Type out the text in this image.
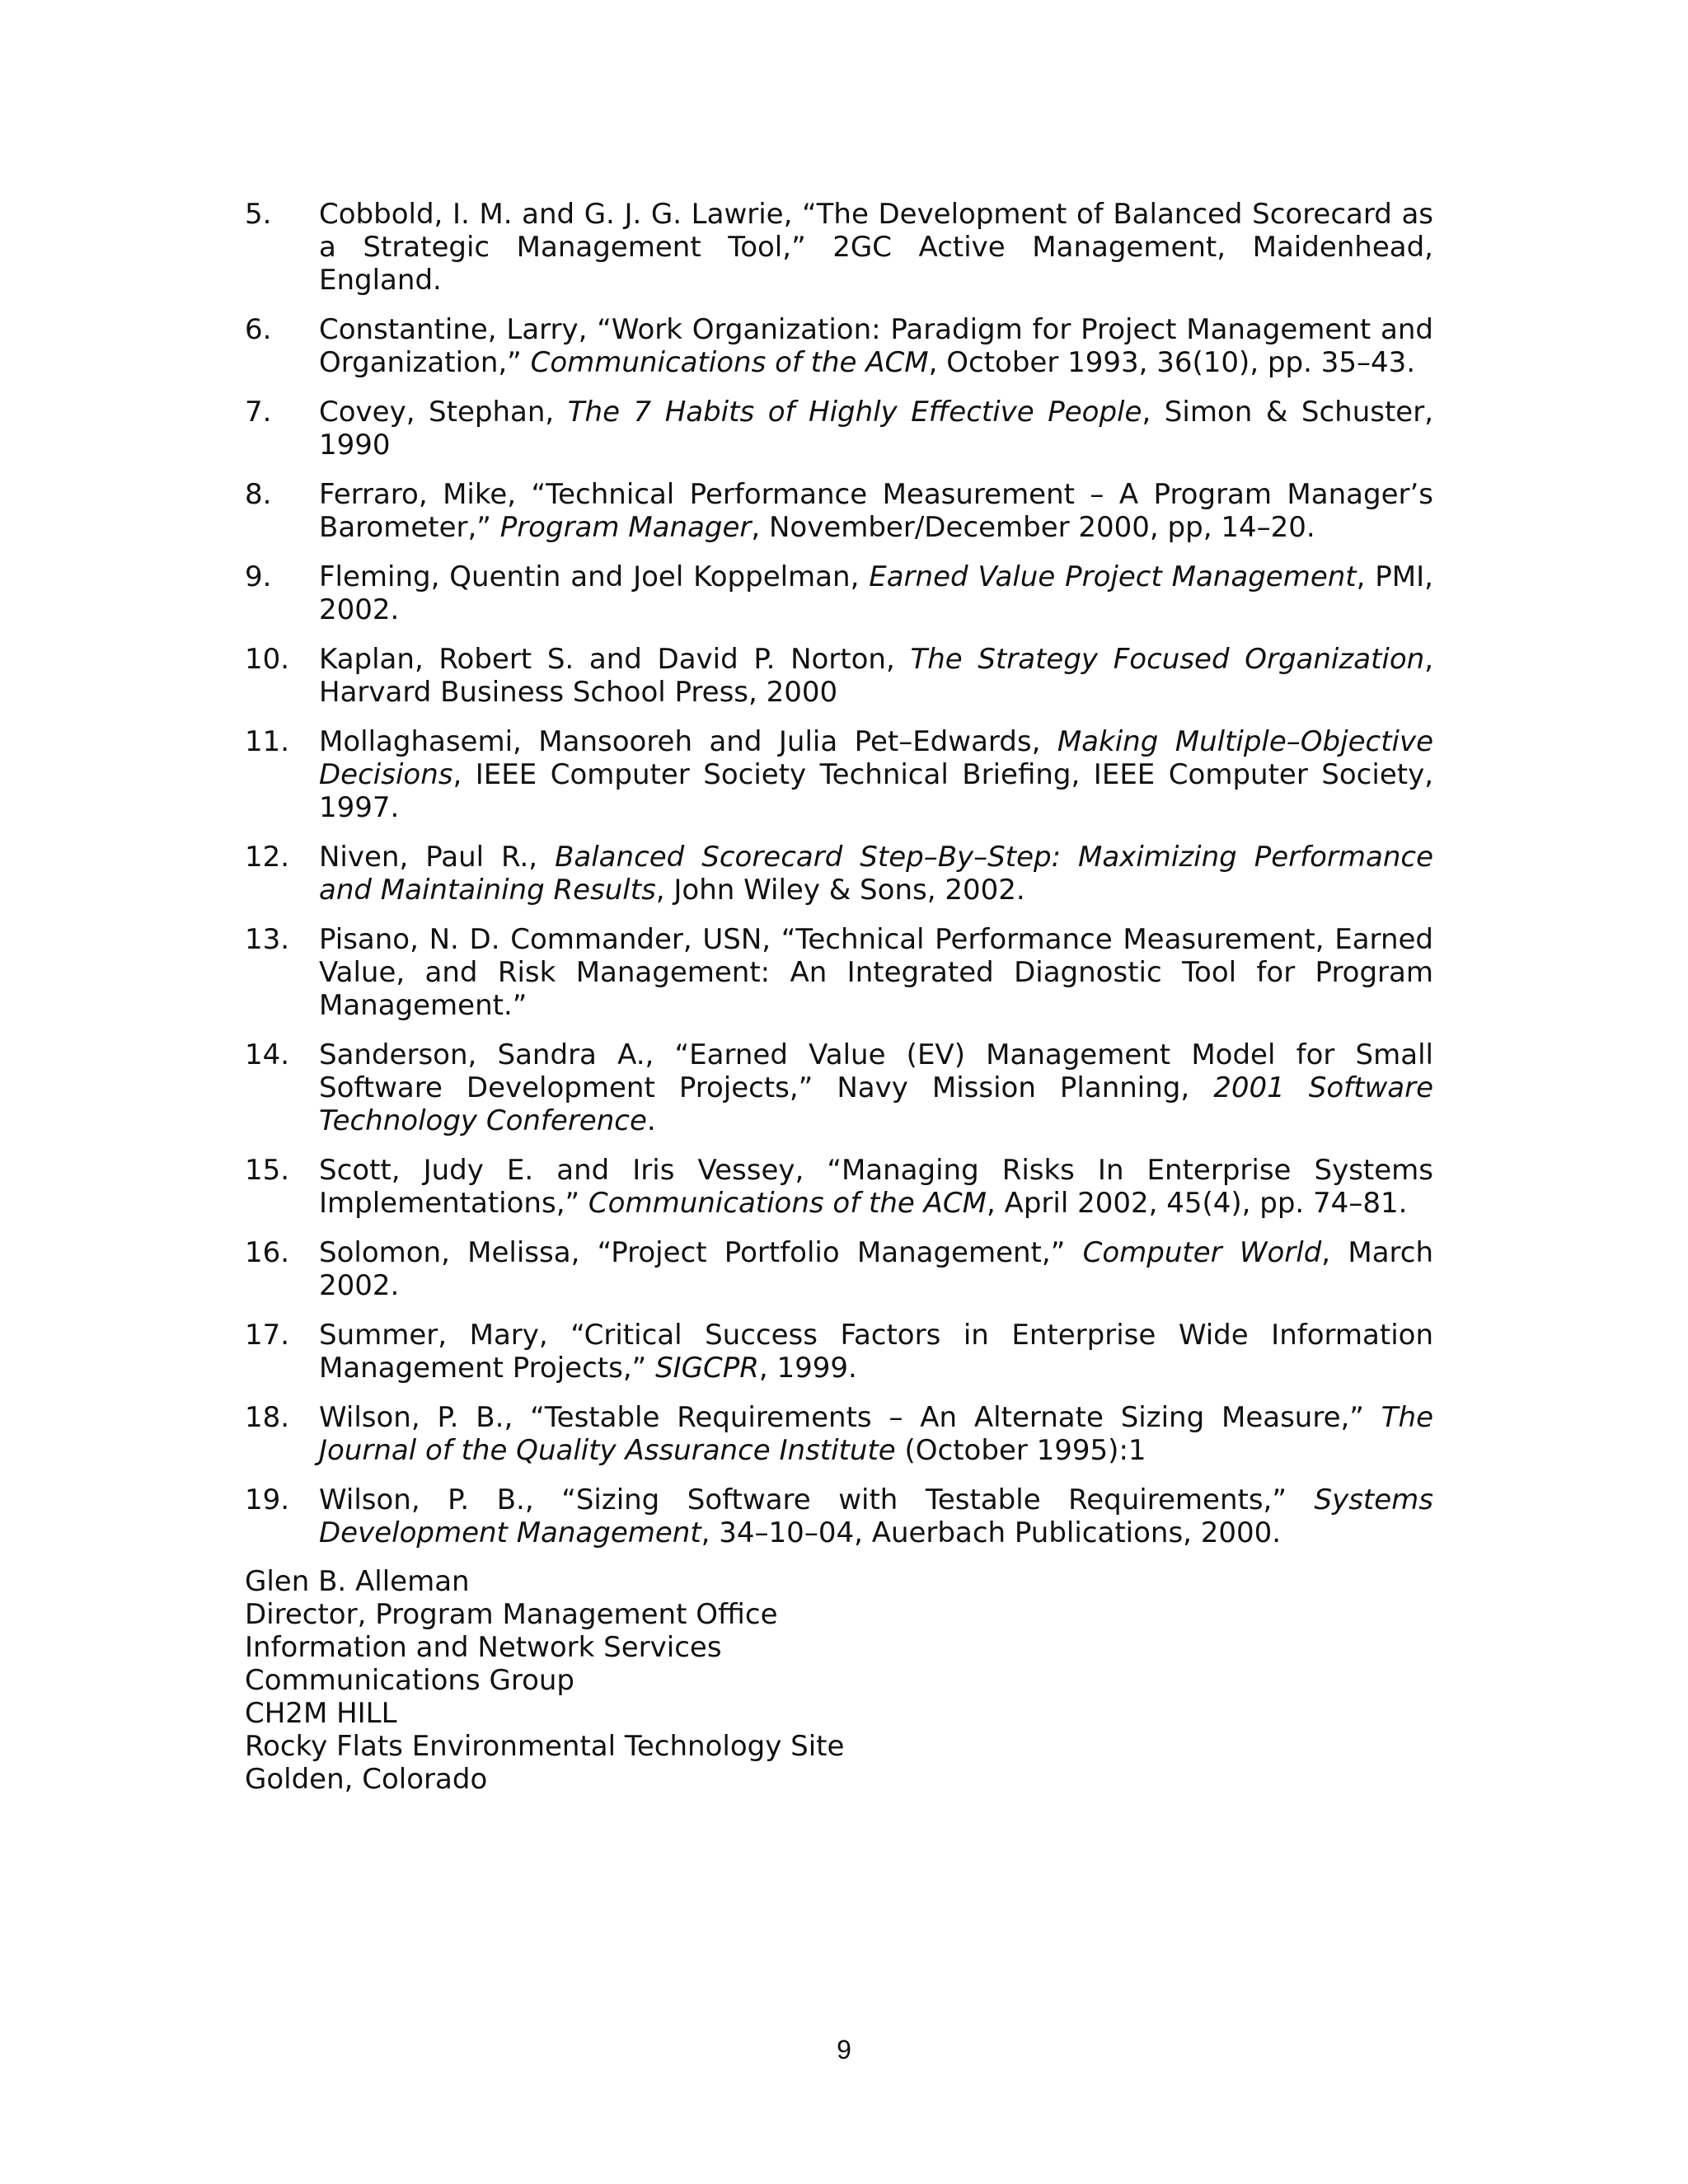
5.	Cobbold, I. M. and G. J. G. Lawrie, “The Development of Balanced Scorecard as a Strategic Management Tool,” 2GC Active Management, Maidenhead, England.
6.	Constantine, Larry, “Work Organization: Paradigm for Project Management and Organization,” Communications of the ACM, October 1993, 36(10), pp. 35–43.
7.	Covey, Stephan, The 7 Habits of Highly Effective People, Simon & Schuster, 1990
8.	Ferraro, Mike, “Technical Performance Measurement – A Program Manager’s Barometer,” Program Manager, November/December 2000, pp, 14–20.
9.	Fleming, Quentin and Joel Koppelman, Earned Value Project Management, PMI, 2002.
10.	Kaplan, Robert S. and David P. Norton, The Strategy Focused Organization, Harvard Business School Press, 2000
11.	Mollaghasemi, Mansooreh and Julia Pet–Edwards, Making Multiple–Objective Decisions, IEEE Computer Society Technical Briefing, IEEE Computer Society, 1997.
12.	Niven, Paul R., Balanced Scorecard Step–By–Step: Maximizing Performance and Maintaining Results, John Wiley & Sons, 2002.
13.	Pisano, N. D. Commander, USN, “Technical Performance Measurement, Earned Value, and Risk Management: An Integrated Diagnostic Tool for Program Management.”
14.	Sanderson, Sandra A., “Earned Value (EV) Management Model for Small Software Development Projects,” Navy Mission Planning, 2001 Software Technology Conference.
15.	Scott, Judy E. and Iris Vessey, “Managing Risks In Enterprise Systems Implementations,” Communications of the ACM, April 2002, 45(4), pp. 74–81.
16.	Solomon, Melissa, “Project Portfolio Management,” Computer World, March 2002.
17.	Summer, Mary, “Critical Success Factors in Enterprise Wide Information Management Projects,” SIGCPR, 1999.
18.	Wilson, P. B., “Testable Requirements – An Alternate Sizing Measure,” The Journal of the Quality Assurance Institute (October 1995):1
19.	Wilson, P. B., “Sizing Software with Testable Requirements,” Systems Development Management, 34–10–04, Auerbach Publications, 2000.
Glen B. Alleman
Director, Program Management Office
Information and Network Services
Communications Group
CH2M HILL
Rocky Flats Environmental Technology Site
Golden, Colorado
9
